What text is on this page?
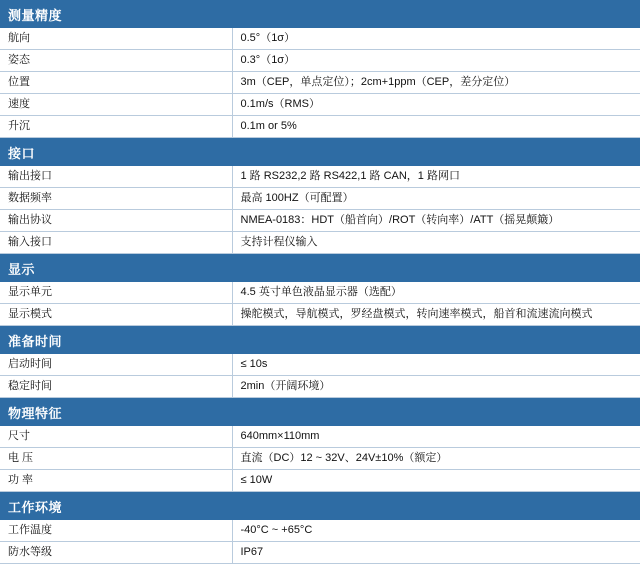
测量精度	
航向	0.5°（1σ）
姿态	0.3°（1σ）
位置	3m（CEP，单点定位）；2cm+1ppm（CEP，差分定位）
速度	0.1m/s（RMS）
升沉	0.1m or 5%
接口	
输出接口	1 路 RS232,2 路 RS422,1 路 CAN，1 路网口
数据频率	最高 100HZ（可配置）
输出协议	NMEA-0183：HDT（船首向）/ROT（转向率）/ATT（摇晃颠簸）
输入接口	支持计程仪输入
显示	
显示单元	4.5 英寸单色液晶显示器（选配）
显示模式	操舵模式，导航模式，罗经盘模式，转向速率模式，船首和流速流向模式
准备时间	
启动时间	≤ 10s
稳定时间	2min（开阔环境）
物理特征	
尺寸	640mm×110mm
电 压	直流（DC）12 ~ 32V、24V±10%（额定）
功 率	≤ 10W
工作环境	
工作温度	-40°C ~ +65°C
防水等级	IP67
